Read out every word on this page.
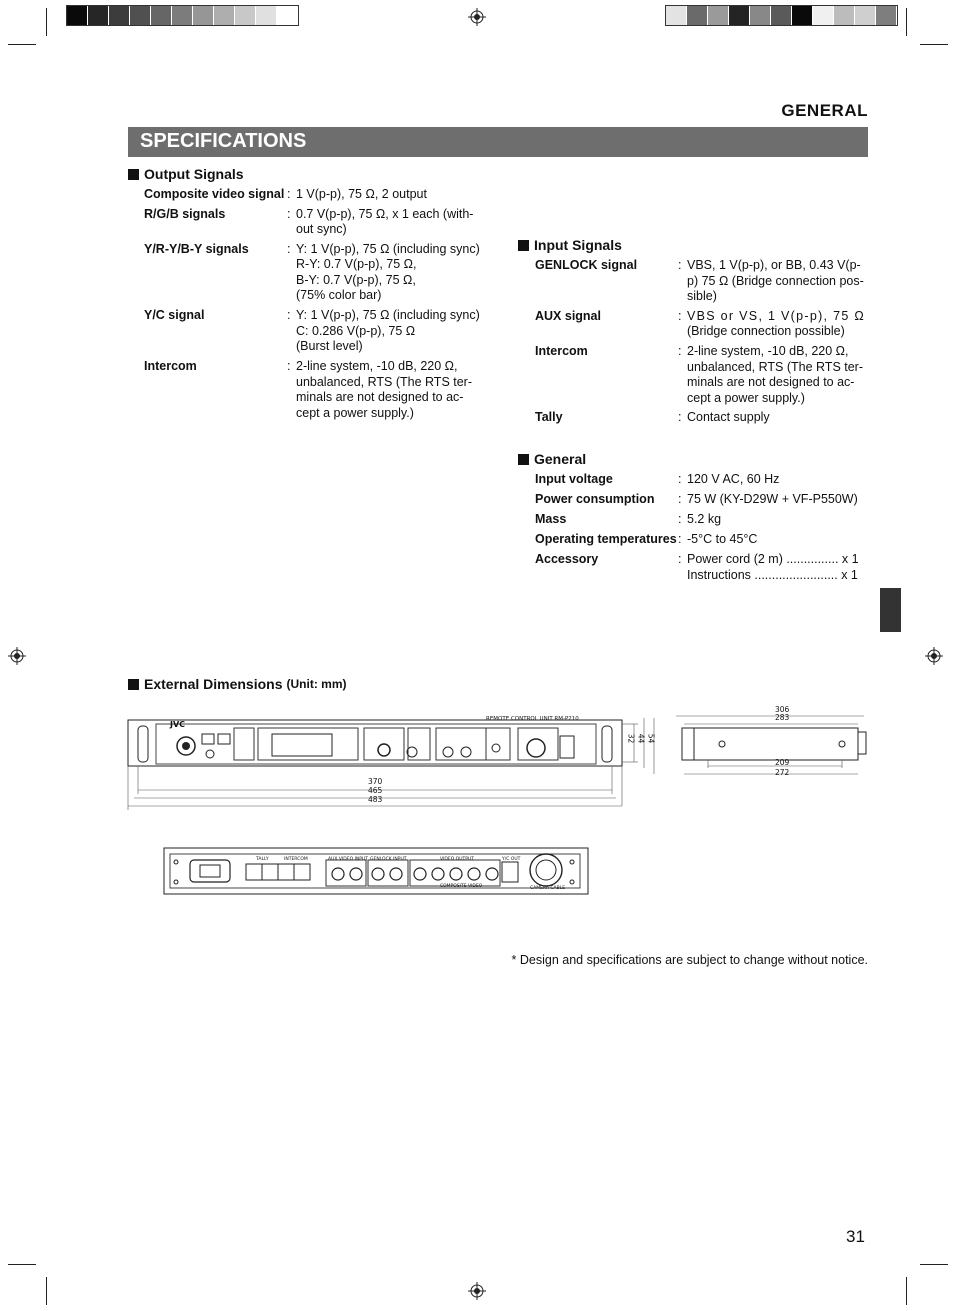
GENERAL
SPECIFICATIONS
Output Signals
Composite video signal : 1 V(p-p), 75 Ω, 2 output
R/G/B signals	: 0.7 V(p-p), 75 Ω, x 1 each (with-
out sync)
Y/R-Y/B-Y signals	: Y: 1 V(p-p), 75 Ω (including sync)
R-Y: 0.7 V(p-p), 75 Ω,
B-Y: 0.7 V(p-p), 75 Ω,
(75% color bar)
Y/C signal	: Y: 1 V(p-p), 75 Ω (including sync)
C: 0.286 V(p-p), 75 Ω
(Burst level)
Intercom	: 2-line system, -10 dB, 220 Ω,
unbalanced, RTS (The RTS ter-
minals are not designed to ac-
cept a power supply.)
Input Signals
GENLOCK signal	: VBS, 1 V(p-p), or BB, 0.43 V(p-
p) 75 Ω (Bridge connection pos-
sible)
AUX signal	: VBS or VS, 1 V(p-p), 75 Ω
(Bridge connection possible)
Intercom	: 2-line system, -10 dB, 220 Ω,
unbalanced, RTS (The RTS ter-
minals are not designed to ac-
cept a power supply.)
Tally	: Contact supply
General
Input voltage	: 120 V AC, 60 Hz
Power consumption : 75 W (KY-D29W + VF-P550W)
Mass	: 5.2 kg
Operating temperatures : -5°C to 45°C
Accessory	: Power cord (2 m) ............... x 1
Instructions ........................ x 1
External Dimensions (Unit: mm)
JVC
REMOTE CONTROL UNIT RM-P210
370
465
483
32 44 54
306
283
209
272
TALLY	INTERCOM	AUX VIDEO INPUT GENLOCK INPUT	VIDEO OUTPUT	Y/C OUT
CAMERA CABLE
COMPOSITE VIDEO
* Design and specifications are subject to change without notice.
31
